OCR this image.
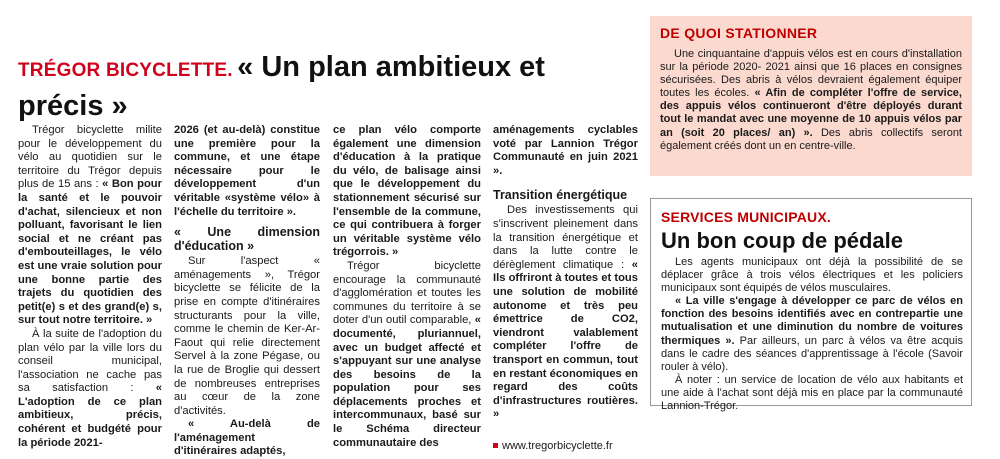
TRÉGOR BICYCLETTE. « Un plan ambitieux et précis »

Trégor bicyclette milite pour le développement du vélo au quotidien sur le territoire du Trégor depuis plus de 15 ans : « Bon pour la santé et le pouvoir d'achat, silencieux et non polluant, favorisant le lien social et ne créant pas d'embouteillages, le vélo est une vraie solution pour une bonne partie des trajets du quotidien des petit(e) s et des grand(e) s, sur tout notre territoire. »

À la suite de l'adoption du plan vélo par la ville lors du conseil municipal, l'association ne cache pas sa satisfaction : « L'adoption de ce plan ambitieux, précis, cohérent et budgété pour la période 2021-

2026 (et au-delà) constitue une première pour la commune, et une étape nécessaire pour le développement d'un véritable «système vélo» à l'échelle du territoire ».

« Une dimension d'éducation »

Sur l'aspect « aménagements », Trégor bicyclette se félicite de la prise en compte d'itinéraires structurants pour la ville, comme le chemin de Ker-Ar-Faout qui relie directement Servel à la zone Pégase, ou la rue de Broglie qui dessert de nombreuses entreprises au cœur de la zone d'activités.

« Au-delà de l'aménagement d'itinéraires adaptés,

ce plan vélo comporte également une dimension d'éducation à la pratique du vélo, de balisage ainsi que le développement du stationnement sécurisé sur l'ensemble de la commune, ce qui contribuera à forger un véritable système vélo trégorrois. »

Trégor bicyclette encourage la communauté d'agglomération et toutes les communes du territoire à se doter d'un outil comparable, « documenté, pluriannuel, avec un budget affecté et s'appuyant sur une analyse des besoins de la population pour ses déplacements proches et intercommunaux, basé sur le Schéma directeur communautaire des

aménagements cyclables voté par Lannion Trégor Communauté en juin 2021 ».

Transition énergétique

Des investissements qui s'inscrivent pleinement dans la transition énergétique et dans la lutte contre le dérèglement climatique : « Ils offriront à toutes et tous une solution de mobilité autonome et très peu émettrice de CO2, viendront valablement compléter l'offre de transport en commun, tout en restant économiques en regard des coûts d'infrastructures routières. »

www.tregorbicyclette.fr

DE QUOI STATIONNER

Une cinquantaine d'appuis vélos est en cours d'installation sur la période 2020- 2021 ainsi que 16 places en consignes sécurisées. Des abris à vélos devraient également équiper toutes les écoles. « Afin de compléter l'offre de service, des appuis vélos continueront d'être déployés durant tout le mandat avec une moyenne de 10 appuis vélos par an (soit 20 places/ an) ». Des abris collectifs seront également créés dont un en centre-ville.

SERVICES MUNICIPAUX.
Un bon coup de pédale

Les agents municipaux ont déjà la possibilité de se déplacer grâce à trois vélos électriques et les policiers municipaux sont équipés de vélos musculaires.

« La ville s'engage à développer ce parc de vélos en fonction des besoins identifiés avec en contrepartie une mutualisation et une diminution du nombre de voitures thermiques ». Par ailleurs, un parc à vélos va être acquis dans le cadre des séances d'apprentissage à l'école (Savoir rouler à vélo).

À noter : un service de location de vélo aux habitants et une aide à l'achat sont déjà mis en place par la communauté Lannion-Trégor.
